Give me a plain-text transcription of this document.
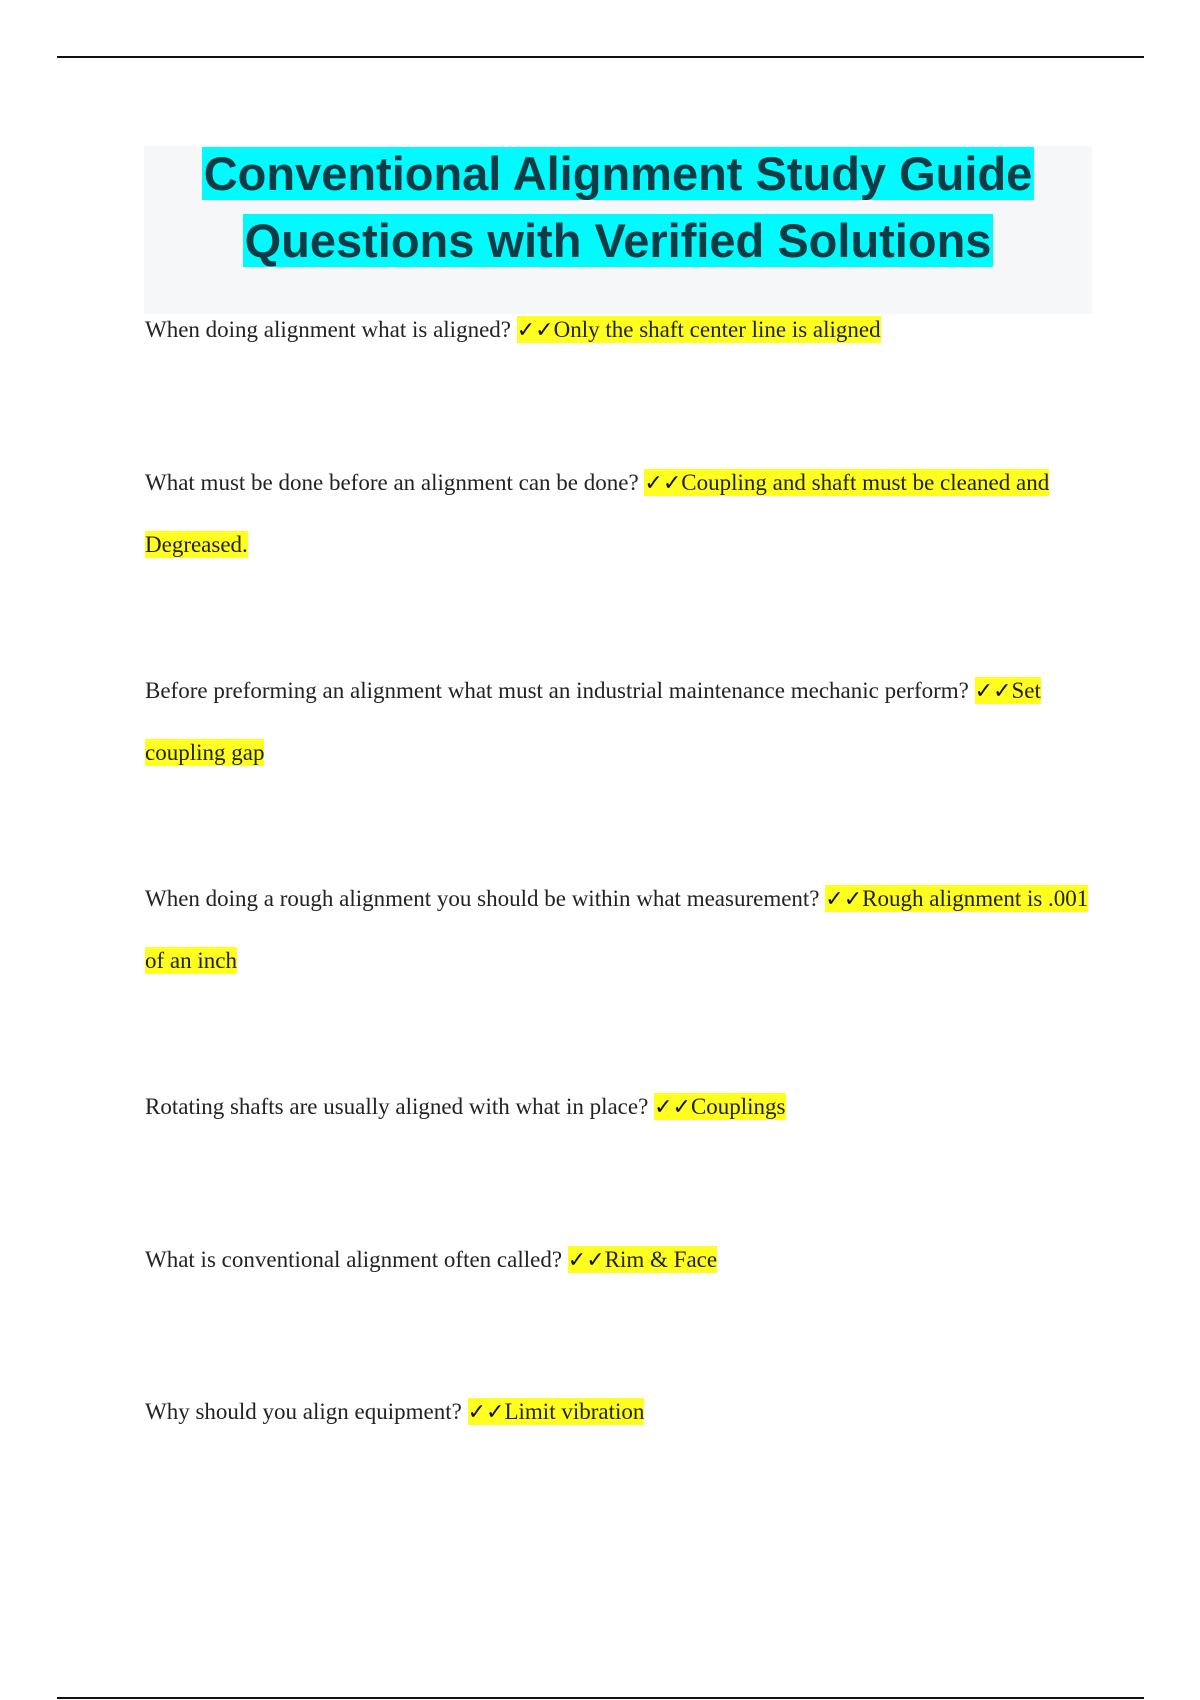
Conventional Alignment Study Guide
Questions with Verified Solutions
When doing alignment what is aligned? ✓✓Only the shaft center line is aligned
What must be done before an alignment can be done? ✓✓Coupling and shaft must be cleaned and Degreased.
Before preforming an alignment what must an industrial maintenance mechanic perform? ✓✓Set coupling gap
When doing a rough alignment you should be within what measurement? ✓✓Rough alignment is .001 of an inch
Rotating shafts are usually aligned with what in place? ✓✓Couplings
What is conventional alignment often called? ✓✓Rim & Face
Why should you align equipment? ✓✓Limit vibration
